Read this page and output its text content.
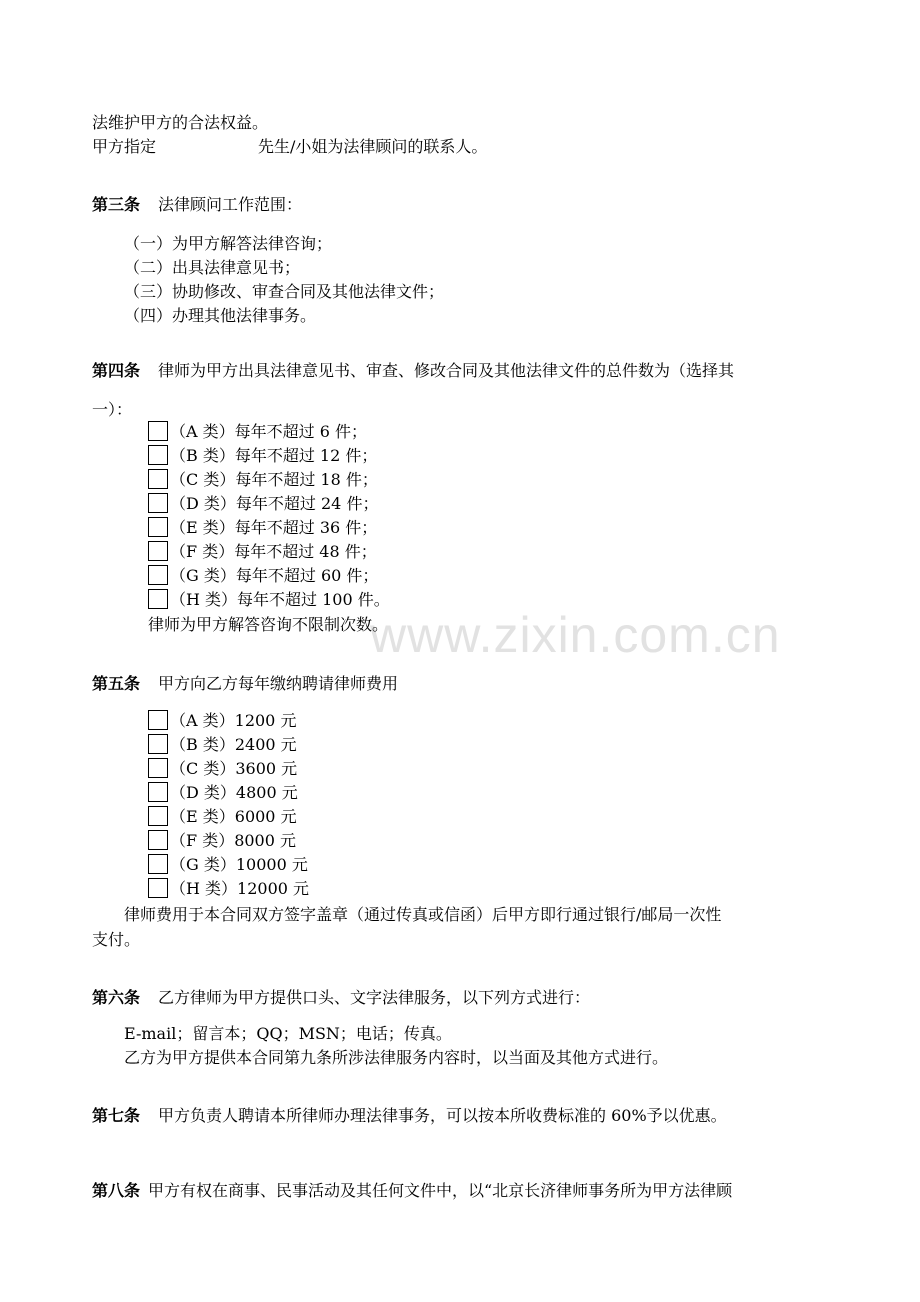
www.zixin.com.cn
法维护甲方的合法权益。
甲方指定	先生/小姐为法律顾问的联系人。
第三条 法律顾问工作范围：
（一）为甲方解答法律咨询；
（二）出具法律意见书；
（三）协助修改、审查合同及其他法律文件；
（四）办理其他法律事务。
第四条 律师为甲方出具法律意见书、审查、修改合同及其他法律文件的总件数为（选择其
一）：
（A 类）每年不超过 6 件；
（B 类）每年不超过 12 件；
（C 类）每年不超过 18 件；
（D 类）每年不超过 24 件；
（E 类）每年不超过 36 件；
（F 类）每年不超过 48 件；
（G 类）每年不超过 60 件；
（H 类）每年不超过 100 件。
律师为甲方解答咨询不限制次数。
第五条 甲方向乙方每年缴纳聘请律师费用
（A 类）1200 元
（B 类）2400 元
（C 类）3600 元
（D 类）4800 元
（E 类）6000 元
（F 类）8000 元
（G 类）10000 元
（H 类）12000 元
律师费用于本合同双方签字盖章（通过传真或信函）后甲方即行通过银行/邮局一次性
支付。
第六条 乙方律师为甲方提供口头、文字法律服务，以下列方式进行：
E-mail；留言本；QQ；MSN；电话；传真。
乙方为甲方提供本合同第九条所涉法律服务内容时，以当面及其他方式进行。
第七条 甲方负责人聘请本所律师办理法律事务，可以按本所收费标准的 60%予以优惠。
第八条 甲方有权在商事、民事活动及其任何文件中，以“北京长济律师事务所为甲方法律顾
